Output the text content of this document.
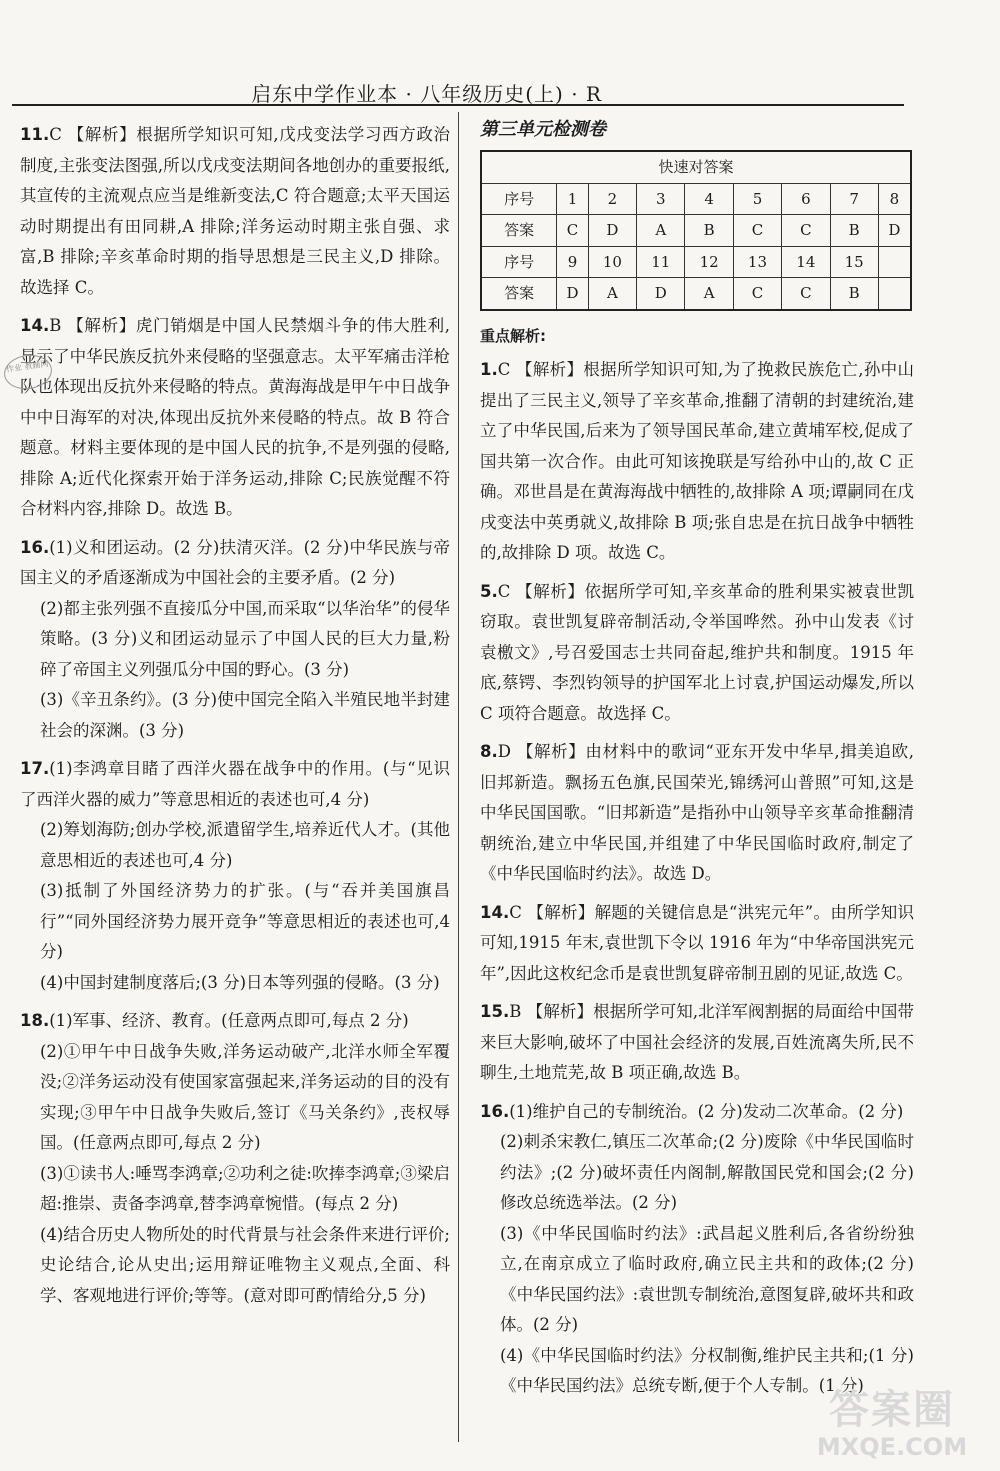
启东中学作业本 · 八年级历史(上) · R

11.C 【解析】根据所学知识可知,戊戌变法学习西方政治制度,主张变法图强,所以戊戌变法期间各地创办的重要报纸,其宣传的主流观点应当是维新变法,C 符合题意;太平天国运动时期提出有田同耕,A 排除;洋务运动时期主张自强、求富,B 排除;辛亥革命时期的指导思想是三民主义,D 排除。故选择 C。

14.B 【解析】虎门销烟是中国人民禁烟斗争的伟大胜利,显示了中华民族反抗外来侵略的坚强意志。太平军痛击洋枪队也体现出反抗外来侵略的特点。黄海海战是甲午中日战争中中日海军的对决,体现出反抗外来侵略的特点。故 B 符合题意。材料主要体现的是中国人民的抗争,不是列强的侵略,排除 A;近代化探索开始于洋务运动,排除 C;民族觉醒不符合材料内容,排除 D。故选 B。

16.(1)义和团运动。(2 分)扶清灭洋。(2 分)中华民族与帝国主义的矛盾逐渐成为中国社会的主要矛盾。(2 分)

(2)都主张列强不直接瓜分中国,而采取“以华治华”的侵华策略。(3 分)义和团运动显示了中国人民的巨大力量,粉碎了帝国主义列强瓜分中国的野心。(3 分)

(3)《辛丑条约》。(3 分)使中国完全陷入半殖民地半封建社会的深渊。(3 分)

17.(1)李鸿章目睹了西洋火器在战争中的作用。(与“见识了西洋火器的威力”等意思相近的表述也可,4 分)

(2)筹划海防;创办学校,派遣留学生,培养近代人才。(其他意思相近的表述也可,4 分)

(3)抵制了外国经济势力的扩张。(与“吞并美国旗昌行”“同外国经济势力展开竞争”等意思相近的表述也可,4 分)

(4)中国封建制度落后;(3 分)日本等列强的侵略。(3 分)

18.(1)军事、经济、教育。(任意两点即可,每点 2 分)

(2)①甲午中日战争失败,洋务运动破产,北洋水师全军覆没;②洋务运动没有使国家富强起来,洋务运动的目的没有实现;③甲午中日战争失败后,签订《马关条约》,丧权辱国。(任意两点即可,每点 2 分)

(3)①读书人:唾骂李鸿章;②功利之徒:吹捧李鸿章;③梁启超:推崇、责备李鸿章,替李鸿章惋惜。(每点 2 分)

(4)结合历史人物所处的时代背景与社会条件来进行评价;史论结合,论从史出;运用辩证唯物主义观点,全面、科学、客观地进行评价;等等。(意对即可酌情给分,5 分)

第三单元检测卷
快速对答案								
序号	1	2	3	4	5	6	7	8
答案	C	D	A	B	C	C	B	D
序号	9	10	11	12	13	14	15	
答案	D	A	D	A	C	C	B	
重点解析:

1.C 【解析】根据所学知识可知,为了挽救民族危亡,孙中山提出了三民主义,领导了辛亥革命,推翻了清朝的封建统治,建立了中华民国,后来为了领导国民革命,建立黄埔军校,促成了国共第一次合作。由此可知该挽联是写给孙中山的,故 C 正确。邓世昌是在黄海海战中牺牲的,故排除 A 项;谭嗣同在戊戌变法中英勇就义,故排除 B 项;张自忠是在抗日战争中牺牲的,故排除 D 项。故选 C。

5.C 【解析】依据所学可知,辛亥革命的胜利果实被袁世凯窃取。袁世凯复辟帝制活动,令举国哗然。孙中山发表《讨袁檄文》,号召爱国志士共同奋起,维护共和制度。1915 年底,蔡锷、李烈钧领导的护国军北上讨袁,护国运动爆发,所以 C 项符合题意。故选择 C。

8.D 【解析】由材料中的歌词“亚东开发中华早,揖美追欧,旧邦新造。飘扬五色旗,民国荣光,锦绣河山普照”可知,这是中华民国国歌。“旧邦新造”是指孙中山领导辛亥革命推翻清朝统治,建立中华民国,并组建了中华民国临时政府,制定了《中华民国临时约法》。故选 D。

14.C 【解析】解题的关键信息是“洪宪元年”。由所学知识可知,1915 年末,袁世凯下令以 1916 年为“中华帝国洪宪元年”,因此这枚纪念币是袁世凯复辟帝制丑剧的见证,故选 C。

15.B 【解析】根据所学可知,北洋军阀割据的局面给中国带来巨大影响,破坏了中国社会经济的发展,百姓流离失所,民不聊生,土地荒芜,故 B 项正确,故选 B。

16.(1)维护自己的专制统治。(2 分)发动二次革命。(2 分)

(2)刺杀宋教仁,镇压二次革命;(2 分)废除《中华民国临时约法》;(2 分)破坏责任内阁制,解散国民党和国会;(2 分)修改总统选举法。(2 分)

(3)《中华民国临时约法》:武昌起义胜利后,各省纷纷独立,在南京成立了临时政府,确立民主共和的政体;(2 分)《中华民国约法》:袁世凯专制统治,意图复辟,破坏共和政体。(2 分)

(4)《中华民国临时约法》分权制衡,维护民主共和;(1 分)《中华民国约法》总统专断,便于个人专制。(1 分)

作业 教辅网
答案圈
MXQE.COM
